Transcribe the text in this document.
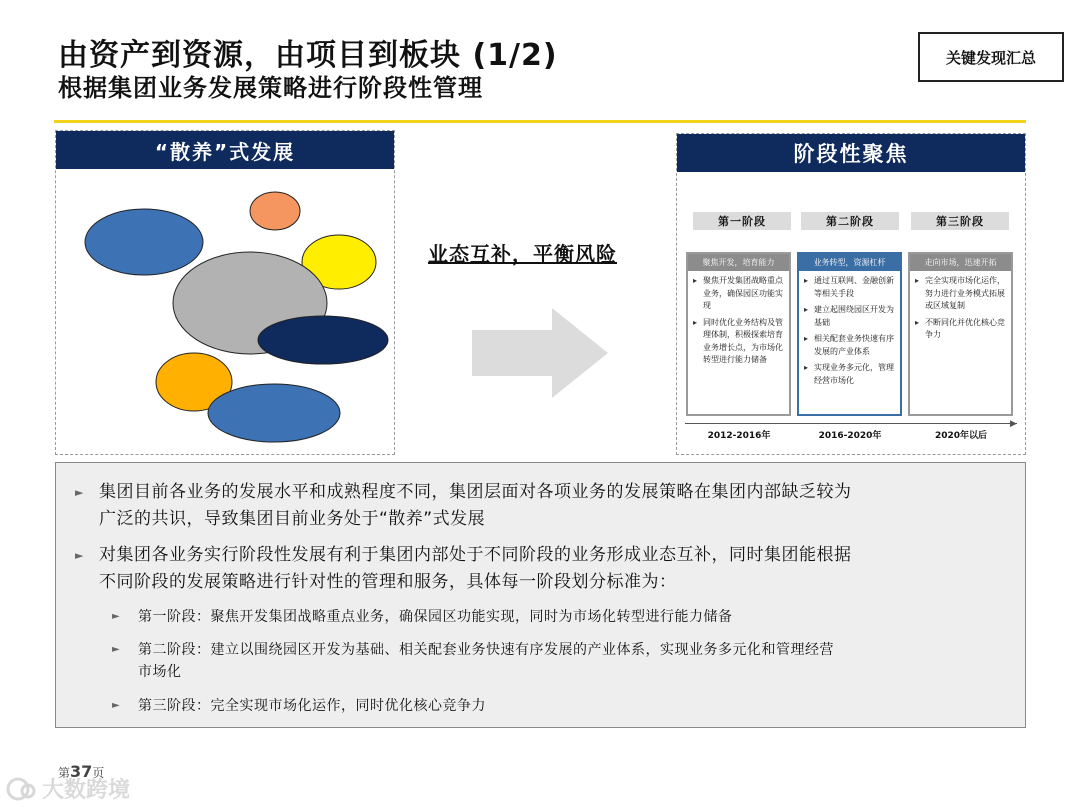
由资产到资源，由项目到板块 (1/2)
根据集团业务发展策略进行阶段性管理
关键发现汇总
“散养”式发展
业态互补，平衡风险
阶段性聚焦
第一阶段	第二阶段	第三阶段
聚焦开发，培育能力
▸ 聚焦开发集团战略重点业务，确保园区功能实现
▸ 同时优化业务结构及管理体制，积极探索培育业务增长点，为市场化转型进行能力储备
业务转型，资源杠杆
▸ 通过互联网、金融创新等相关手段
▸ 建立起围绕园区开发为基础
▸ 相关配套业务快速有序发展的产业体系
▸ 实现业务多元化，管理经营市场化
走向市场，迅速开拓
▸ 完全实现市场化运作，努力进行业务模式拓展或区域复制
▸ 不断同化并优化核心竞争力
▶
2012-2016年	2016-2020年	2020年以后
► 集团目前各业务的发展水平和成熟程度不同，集团层面对各项业务的发展策略在集团内部缺乏较为
广泛的共识，导致集团目前业务处于“散养”式发展
► 对集团各业务实行阶段性发展有利于集团内部处于不同阶段的业务形成业态互补，同时集团能根据
不同阶段的发展策略进行针对性的管理和服务，具体每一阶段划分标准为：
► 第一阶段：聚焦开发集团战略重点业务，确保园区功能实现，同时为市场化转型进行能力储备
► 第二阶段：建立以围绕园区开发为基础、相关配套业务快速有序发展的产业体系，实现业务多元化和管理经营
市场化
► 第三阶段：完全实现市场化运作，同时优化核心竞争力
第37页
大数跨境
